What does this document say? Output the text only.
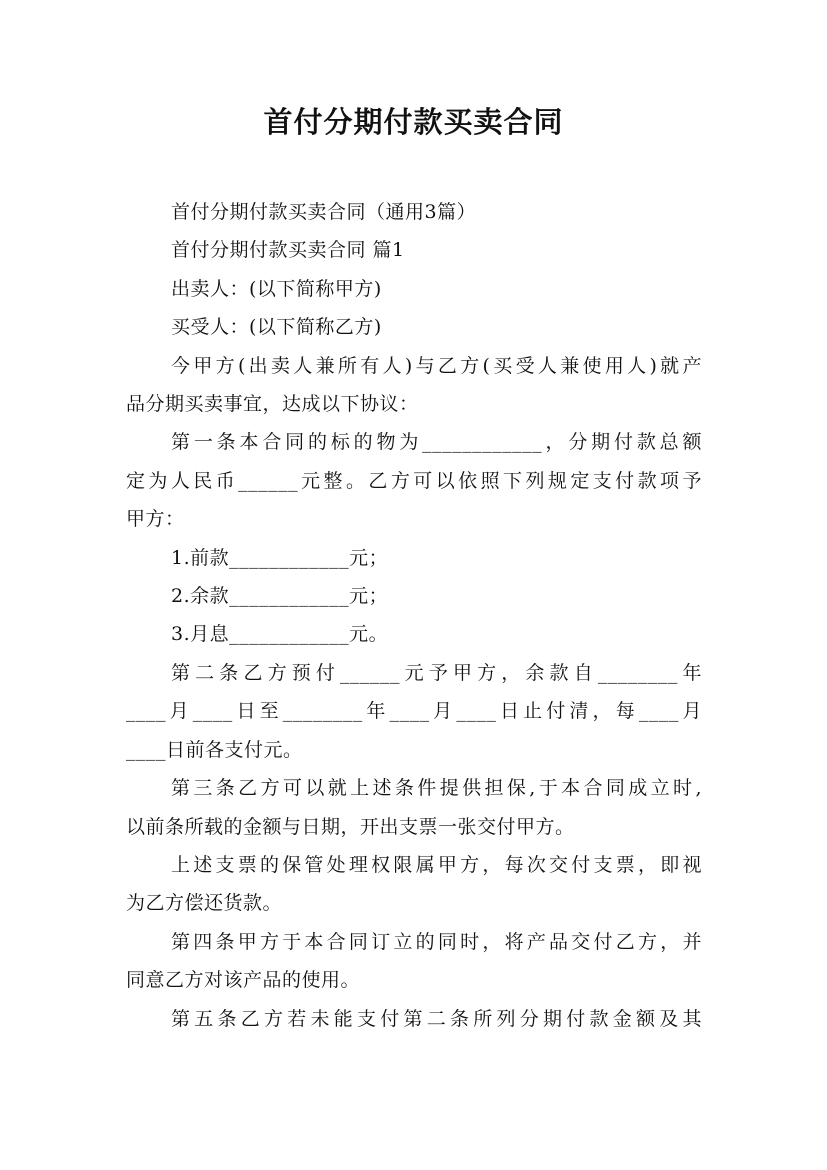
首付分期付款买卖合同
首付分期付款买卖合同（通用3篇）
首付分期付款买卖合同 篇1
出卖人：(以下简称甲方)
买受人：(以下简称乙方)
今甲方(出卖人兼所有人)与乙方(买受人兼使用人)就产
品分期买卖事宜，达成以下协议：
第一条本合同的标的物为____________，分期付款总额
定为人民币______元整。乙方可以依照下列规定支付款项予
甲方：
1.前款____________元；
2.余款____________元；
3.月息____________元。
第二条乙方预付______元予甲方，余款自________年
____月____日至________年____月____日止付清，每____月
____日前各支付元。
第三条乙方可以就上述条件提供担保,于本合同成立时,
以前条所载的金额与日期，开出支票一张交付甲方。
上述支票的保管处理权限属甲方，每次交付支票，即视
为乙方偿还货款。
第四条甲方于本合同订立的同时，将产品交付乙方，并
同意乙方对该产品的使用。
第五条乙方若未能支付第二条所列分期付款金额及其
